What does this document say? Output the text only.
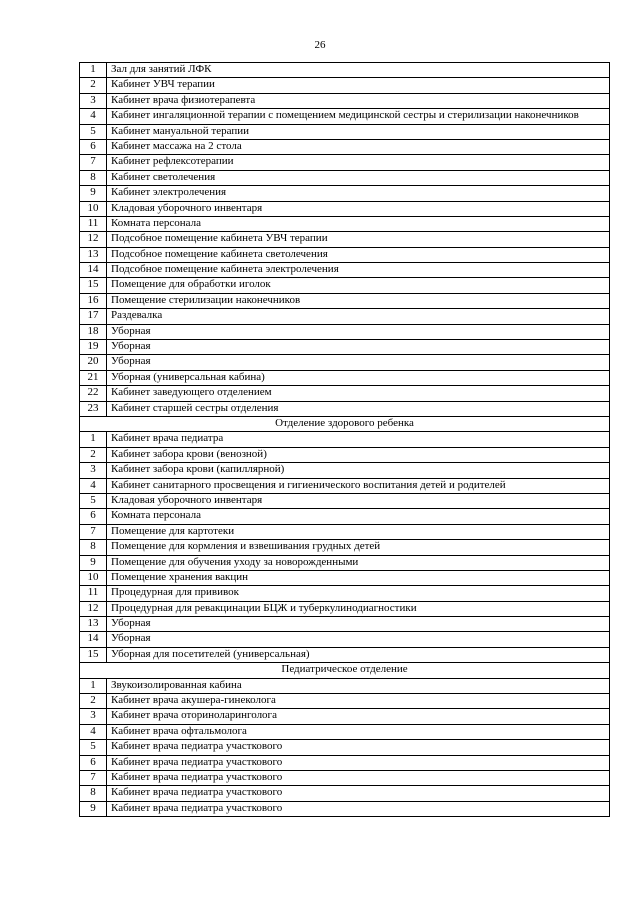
26
1	Зал для занятий ЛФК
2	Кабинет УВЧ терапии
3	Кабинет врача физиотерапевта
4	Кабинет ингаляционной терапии с помещением медицинской сестры и стерилизации наконечников
5	Кабинет мануальной терапии
6	Кабинет массажа на 2 стола
7	Кабинет рефлексотерапии
8	Кабинет светолечения
9	Кабинет электролечения
10	Кладовая уборочного инвентаря
11	Комната персонала
12	Подсобное помещение кабинета УВЧ терапии
13	Подсобное помещение кабинета светолечения
14	Подсобное помещение кабинета электролечения
15	Помещение для обработки иголок
16	Помещение стерилизации наконечников
17	Раздевалка
18	Уборная
19	Уборная
20	Уборная
21	Уборная (универсальная кабина)
22	Кабинет заведующего отделением
23	Кабинет старшей сестры отделения
Отделение здорового ребенка	
1	Кабинет врача педиатра
2	Кабинет забора крови (венозной)
3	Кабинет забора крови (капиллярной)
4	Кабинет санитарного просвещения и гигиенического воспитания детей и родителей
5	Кладовая уборочного инвентаря
6	Комната персонала
7	Помещение для картотеки
8	Помещение для кормления и взвешивания грудных детей
9	Помещение для обучения уходу за новорожденными
10	Помещение хранения вакцин
11	Процедурная для прививок
12	Процедурная для ревакцинации БЦЖ и туберкулинодиагностики
13	Уборная
14	Уборная
15	Уборная для посетителей (универсальная)
Педиатрическое отделение	
1	Звукоизолированная кабина
2	Кабинет врача акушера-гинеколога
3	Кабинет врача оториноларинголога
4	Кабинет врача офтальмолога
5	Кабинет врача педиатра участкового
6	Кабинет врача педиатра участкового
7	Кабинет врача педиатра участкового
8	Кабинет врача педиатра участкового
9	Кабинет врача педиатра участкового
